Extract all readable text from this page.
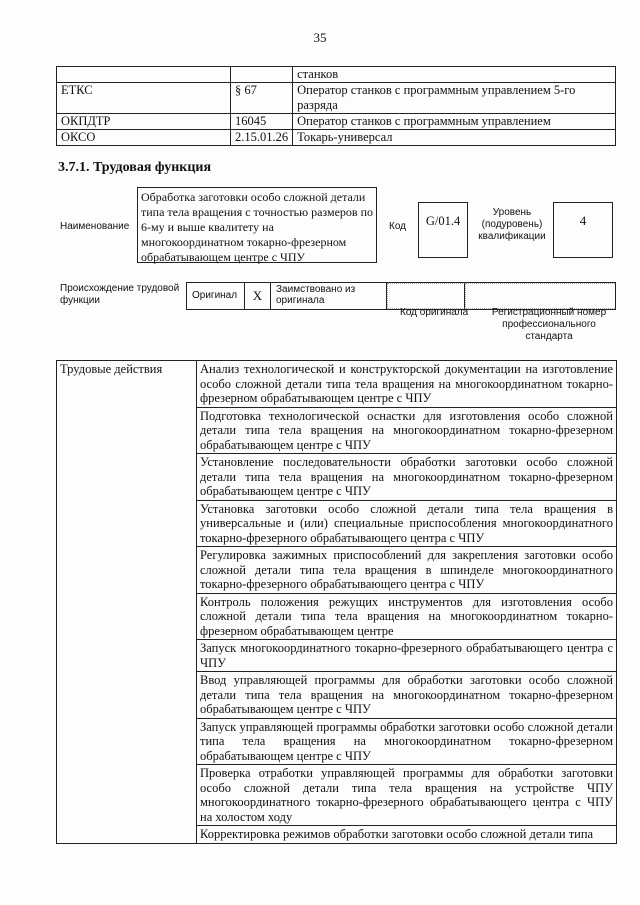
35
		станков
ЕТКС	§ 67	Оператор станков с программным управлением 5-го разряда
ОКПДТР	16045	Оператор станков с программным управлением
ОКСО	2.15.01.26	Токарь-универсал
3.7.1. Трудовая функция
Наименование
Обработка заготовки особо сложной детали типа тела вращения с точностью размеров по 6-му и выше квалитету на многокоординатном токарно-фрезерном обрабатывающем центре с ЧПУ
Код	G/01.4
Уровень (подуровень) квалификации
4
Происхождение трудовой функции	Оригинал	X	Заимствовано из оригинала
Код оригинала	Регистрационный номер профессионального стандарта
Трудовые действия	Анализ технологической и конструкторской документации на изготовление особо сложной детали типа тела вращения на многокоординатном токарно-фрезерном обрабатывающем центре с ЧПУ
Подготовка технологической оснастки для изготовления особо сложной детали типа тела вращения на многокоординатном токарно-фрезерном обрабатывающем центре с ЧПУ
Установление последовательности обработки заготовки особо сложной детали типа тела вращения на многокоординатном токарно-фрезерном обрабатывающем центре с ЧПУ
Установка заготовки особо сложной детали типа тела вращения в универсальные и (или) специальные приспособления многокоординатного токарно-фрезерного обрабатывающего центра с ЧПУ
Регулировка зажимных приспособлений для закрепления заготовки особо сложной детали типа тела вращения в шпинделе многокоординатного токарно-фрезерного обрабатывающего центра с ЧПУ
Контроль положения режущих инструментов для изготовления особо сложной детали типа тела вращения на многокоординатном токарно-фрезерном обрабатывающем центре
Запуск многокоординатного токарно-фрезерного обрабатывающего центра с ЧПУ
Ввод управляющей программы для обработки заготовки особо сложной детали типа тела вращения на многокоординатном токарно-фрезерном обрабатывающем центре с ЧПУ
Запуск управляющей программы обработки заготовки особо сложной детали типа тела вращения на многокоординатном токарно-фрезерном обрабатывающем центре с ЧПУ
Проверка отработки управляющей программы для обработки заготовки особо сложной детали типа тела вращения на устройстве ЧПУ многокоординатного токарно-фрезерного обрабатывающего центра с ЧПУ на холостом ходу
Корректировка режимов обработки заготовки особо сложной детали типа
